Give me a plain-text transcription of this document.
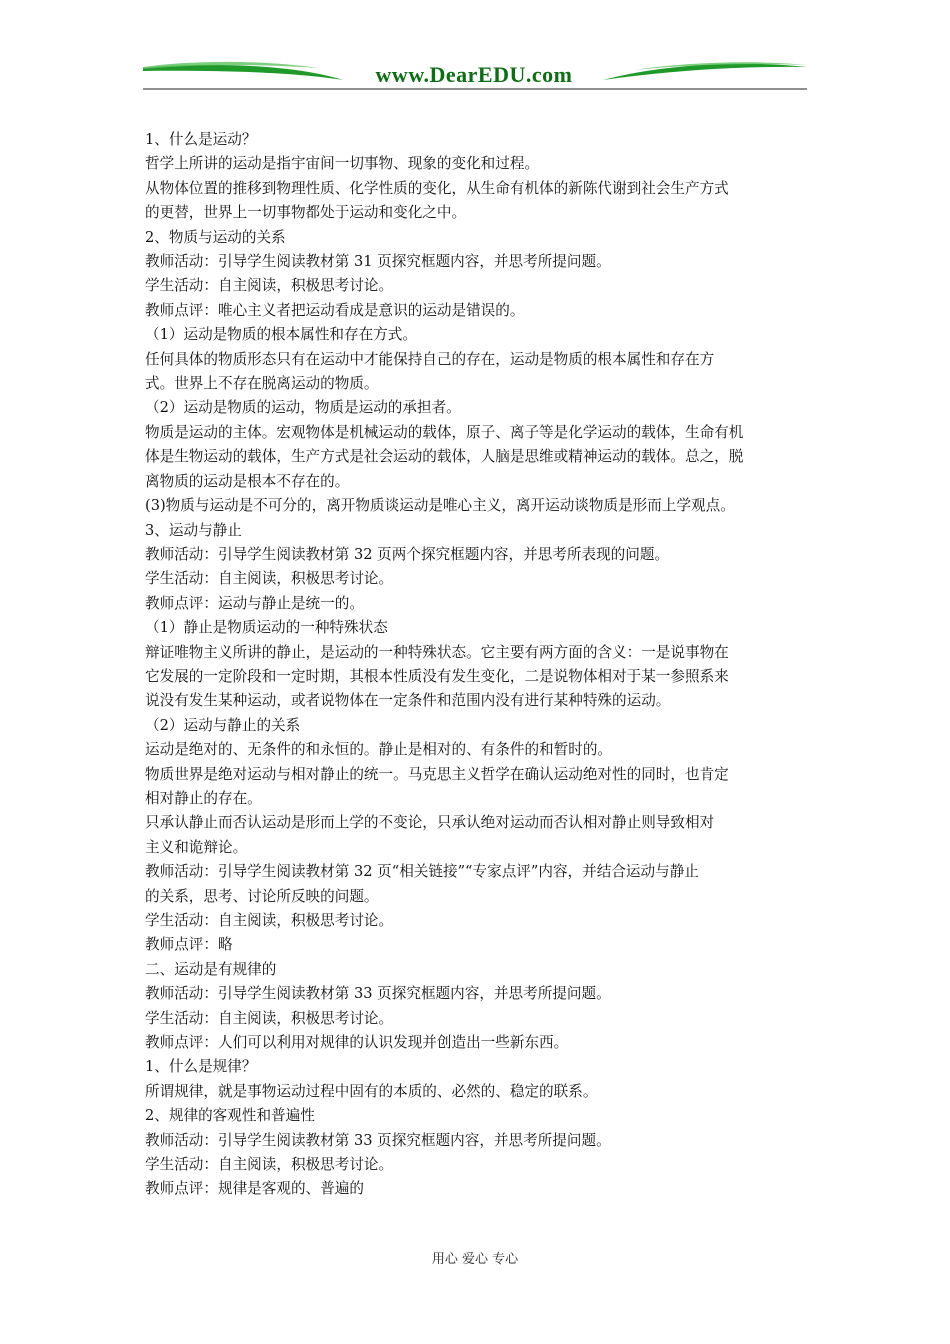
www.DearEDU.com

1、什么是运动？

哲学上所讲的运动是指宇宙间一切事物、现象的变化和过程。

从物体位置的推移到物理性质、化学性质的变化，从生命有机体的新陈代谢到社会生产方式

的更替，世界上一切事物都处于运动和变化之中。

2、物质与运动的关系

教师活动：引导学生阅读教材第 31 页探究框题内容，并思考所提问题。

学生活动：自主阅读，积极思考讨论。

教师点评：唯心主义者把运动看成是意识的运动是错误的。

（1）运动是物质的根本属性和存在方式。

任何具体的物质形态只有在运动中才能保持自己的存在，运动是物质的根本属性和存在方

式。世界上不存在脱离运动的物质。

（2）运动是物质的运动，物质是运动的承担者。

物质是运动的主体。宏观物体是机械运动的载体，原子、离子等是化学运动的载体，生命有机

体是生物运动的载体，生产方式是社会运动的载体，人脑是思维或精神运动的载体。总之，脱

离物质的运动是根本不存在的。

(3)物质与运动是不可分的，离开物质谈运动是唯心主义，离开运动谈物质是形而上学观点。

3、运动与静止

教师活动：引导学生阅读教材第 32 页两个探究框题内容，并思考所表现的问题。

学生活动：自主阅读，积极思考讨论。

教师点评：运动与静止是统一的。

（1）静止是物质运动的一种特殊状态

辩证唯物主义所讲的静止，是运动的一种特殊状态。它主要有两方面的含义：一是说事物在

它发展的一定阶段和一定时期，其根本性质没有发生变化，二是说物体相对于某一参照系来

说没有发生某种运动，或者说物体在一定条件和范围内没有进行某种特殊的运动。

（2）运动与静止的关系

运动是绝对的、无条件的和永恒的。静止是相对的、有条件的和暂时的。

物质世界是绝对运动与相对静止的统一。马克思主义哲学在确认运动绝对性的同时，也肯定

相对静止的存在。

只承认静止而否认运动是形而上学的不变论，只承认绝对运动而否认相对静止则导致相对

主义和诡辩论。

教师活动：引导学生阅读教材第 32 页“相关链接”“专家点评”内容，并结合运动与静止

的关系，思考、讨论所反映的问题。

学生活动：自主阅读，积极思考讨论。

教师点评：略

二、运动是有规律的

教师活动：引导学生阅读教材第 33 页探究框题内容，并思考所提问题。

学生活动：自主阅读，积极思考讨论。

教师点评：人们可以利用对规律的认识发现并创造出一些新东西。

1、什么是规律？

所谓规律，就是事物运动过程中固有的本质的、必然的、稳定的联系。

2、规律的客观性和普遍性

教师活动：引导学生阅读教材第 33 页探究框题内容，并思考所提问题。

学生活动：自主阅读，积极思考讨论。

教师点评：规律是客观的、普遍的

用心 爱心 专心
